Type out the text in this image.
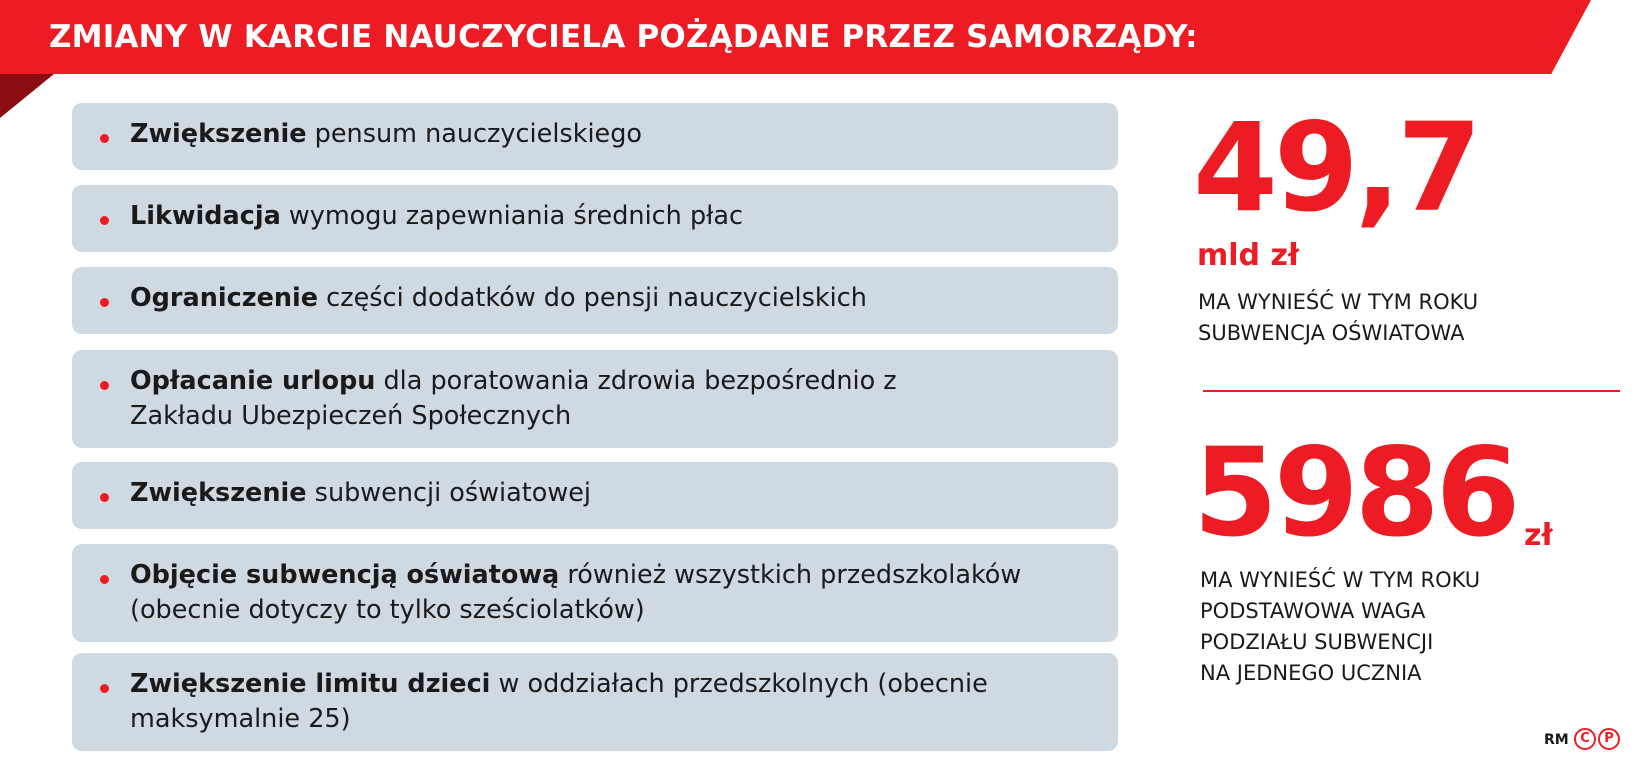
ZMIANY W KARCIE NAUCZYCIELA POŻĄDANE PRZEZ SAMORZĄDY:
Zwiększenie pensum nauczycielskiego
Likwidacja wymogu zapewniania średnich płac
Ograniczenie części dodatków do pensji nauczycielskich
Opłacanie urlopu dla poratowania zdrowia bezpośrednio z Zakładu Ubezpieczeń Społecznych
Zwiększenie subwencji oświatowej
Objęcie subwencją oświatową również wszystkich przedszkolaków (obecnie dotyczy to tylko sześciolatków)
Zwiększenie limitu dzieci w oddziałach przedszkolnych (obecnie maksymalnie 25)
49,7
mld zł
MA WYNIEŚĆ W TYM ROKU
SUBWENCJA OŚWIATOWA
5986 zł
MA WYNIEŚĆ W TYM ROKU
PODSTAWOWA WAGA
PODZIAŁU SUBWENCJI
NA JEDNEGO UCZNIA
RM C	P
